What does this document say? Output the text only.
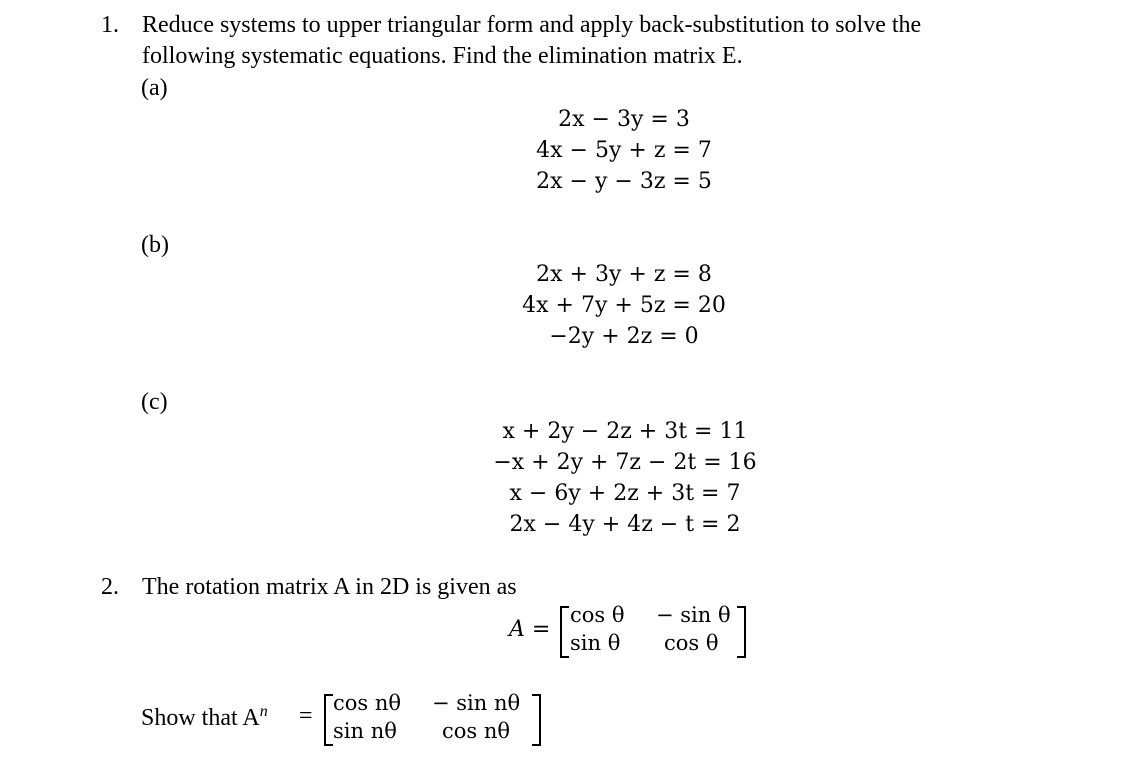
1. Reduce systems to upper triangular form and apply back-substitution to solve the
following systematic equations. Find the elimination matrix E.
(a)
2x − 3y = 3
4x − 5y + z = 7
2x − y − 3z = 5
(b)
2x + 3y + z = 8
4x + 7y + 5z = 20
−2y + 2z = 0
(c)
x + 2y − 2z + 3t = 11
−x + 2y + 7z − 2t = 16
x − 6y + 2z + 3t = 7
2x − 4y + 4z − t = 2
2. The rotation matrix A in 2D is given as
A =
cos θ − sin θ
sin θ cos θ
Show that $A^n = \cos n\theta - \sin n\theta$
sin nθ cos nθ
